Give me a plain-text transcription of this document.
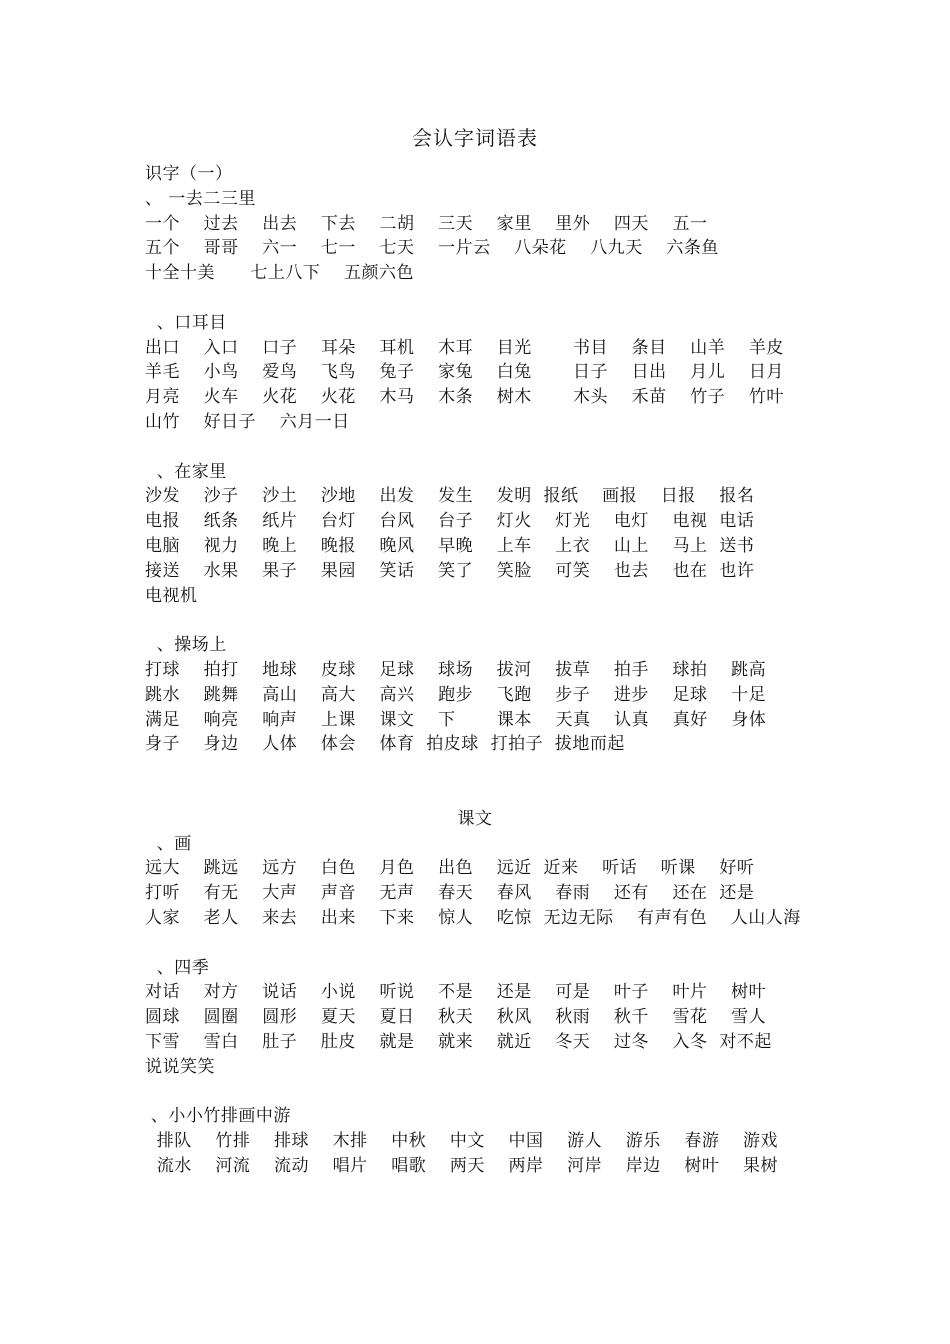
会认字词语表
识字（一）
、 一去二三里
一个    过去    出去    下去    二胡    三天    家里    里外    四天    五一
五个    哥哥    六一    七一    七天    一片云    八朵花    八九天    六条鱼
十全十美      七上八下    五颜六色
、口耳目
出口    入口    口子    耳朵    耳机    木耳    目光       书目    条目    山羊    羊皮
羊毛    小鸟    爱鸟    飞鸟    兔子    家兔    白兔       日子    日出    月儿    日月
月亮    火车    火花    火花    木马    木条    树木       木头    禾苗    竹子    竹叶
山竹    好日子    六月一日
、在家里
沙发    沙子    沙土    沙地    出发    发生    发明  报纸    画报    日报    报名
电报    纸条    纸片    台灯    台风    台子    灯火    灯光    电灯    电视  电话
电脑    视力    晚上    晚报    晚风    早晚    上车    上衣    山上    马上  送书
接送    水果    果子    果园    笑话    笑了    笑脸    可笑    也去    也在  也许
电视机
、操场上
打球    拍打    地球    皮球    足球    球场    拔河    拔草    拍手    球拍    跳高
跳水    跳舞    高山    高大    高兴    跑步    飞跑    步子    进步    足球    十足
满足    响亮    响声    上课    课文    下       课本    天真    认真    真好    身体
身子    身边    人体    体会    体育  拍皮球  打拍子  拔地而起
课文
、画
远大    跳远    远方    白色    月色    出色    远近  近来    听话    听课    好听
打听    有无    大声    声音    无声    春天    春风    春雨    还有    还在  还是
人家    老人    来去    出来    下来    惊人    吃惊  无边无际    有声有色    人山人海
、四季
对话    对方    说话    小说    听说    不是    还是    可是    叶子    叶片    树叶
圆球    圆圈    圆形    夏天    夏日    秋天    秋风    秋雨    秋千    雪花    雪人
下雪    雪白    肚子    肚皮    就是    就来    就近    冬天    过冬    入冬  对不起
说说笑笑
、小小竹排画中游
排队    竹排    排球    木排    中秋    中文    中国    游人    游乐    春游    游戏
流水    河流    流动    唱片    唱歌    两天    两岸    河岸    岸边    树叶    果树
